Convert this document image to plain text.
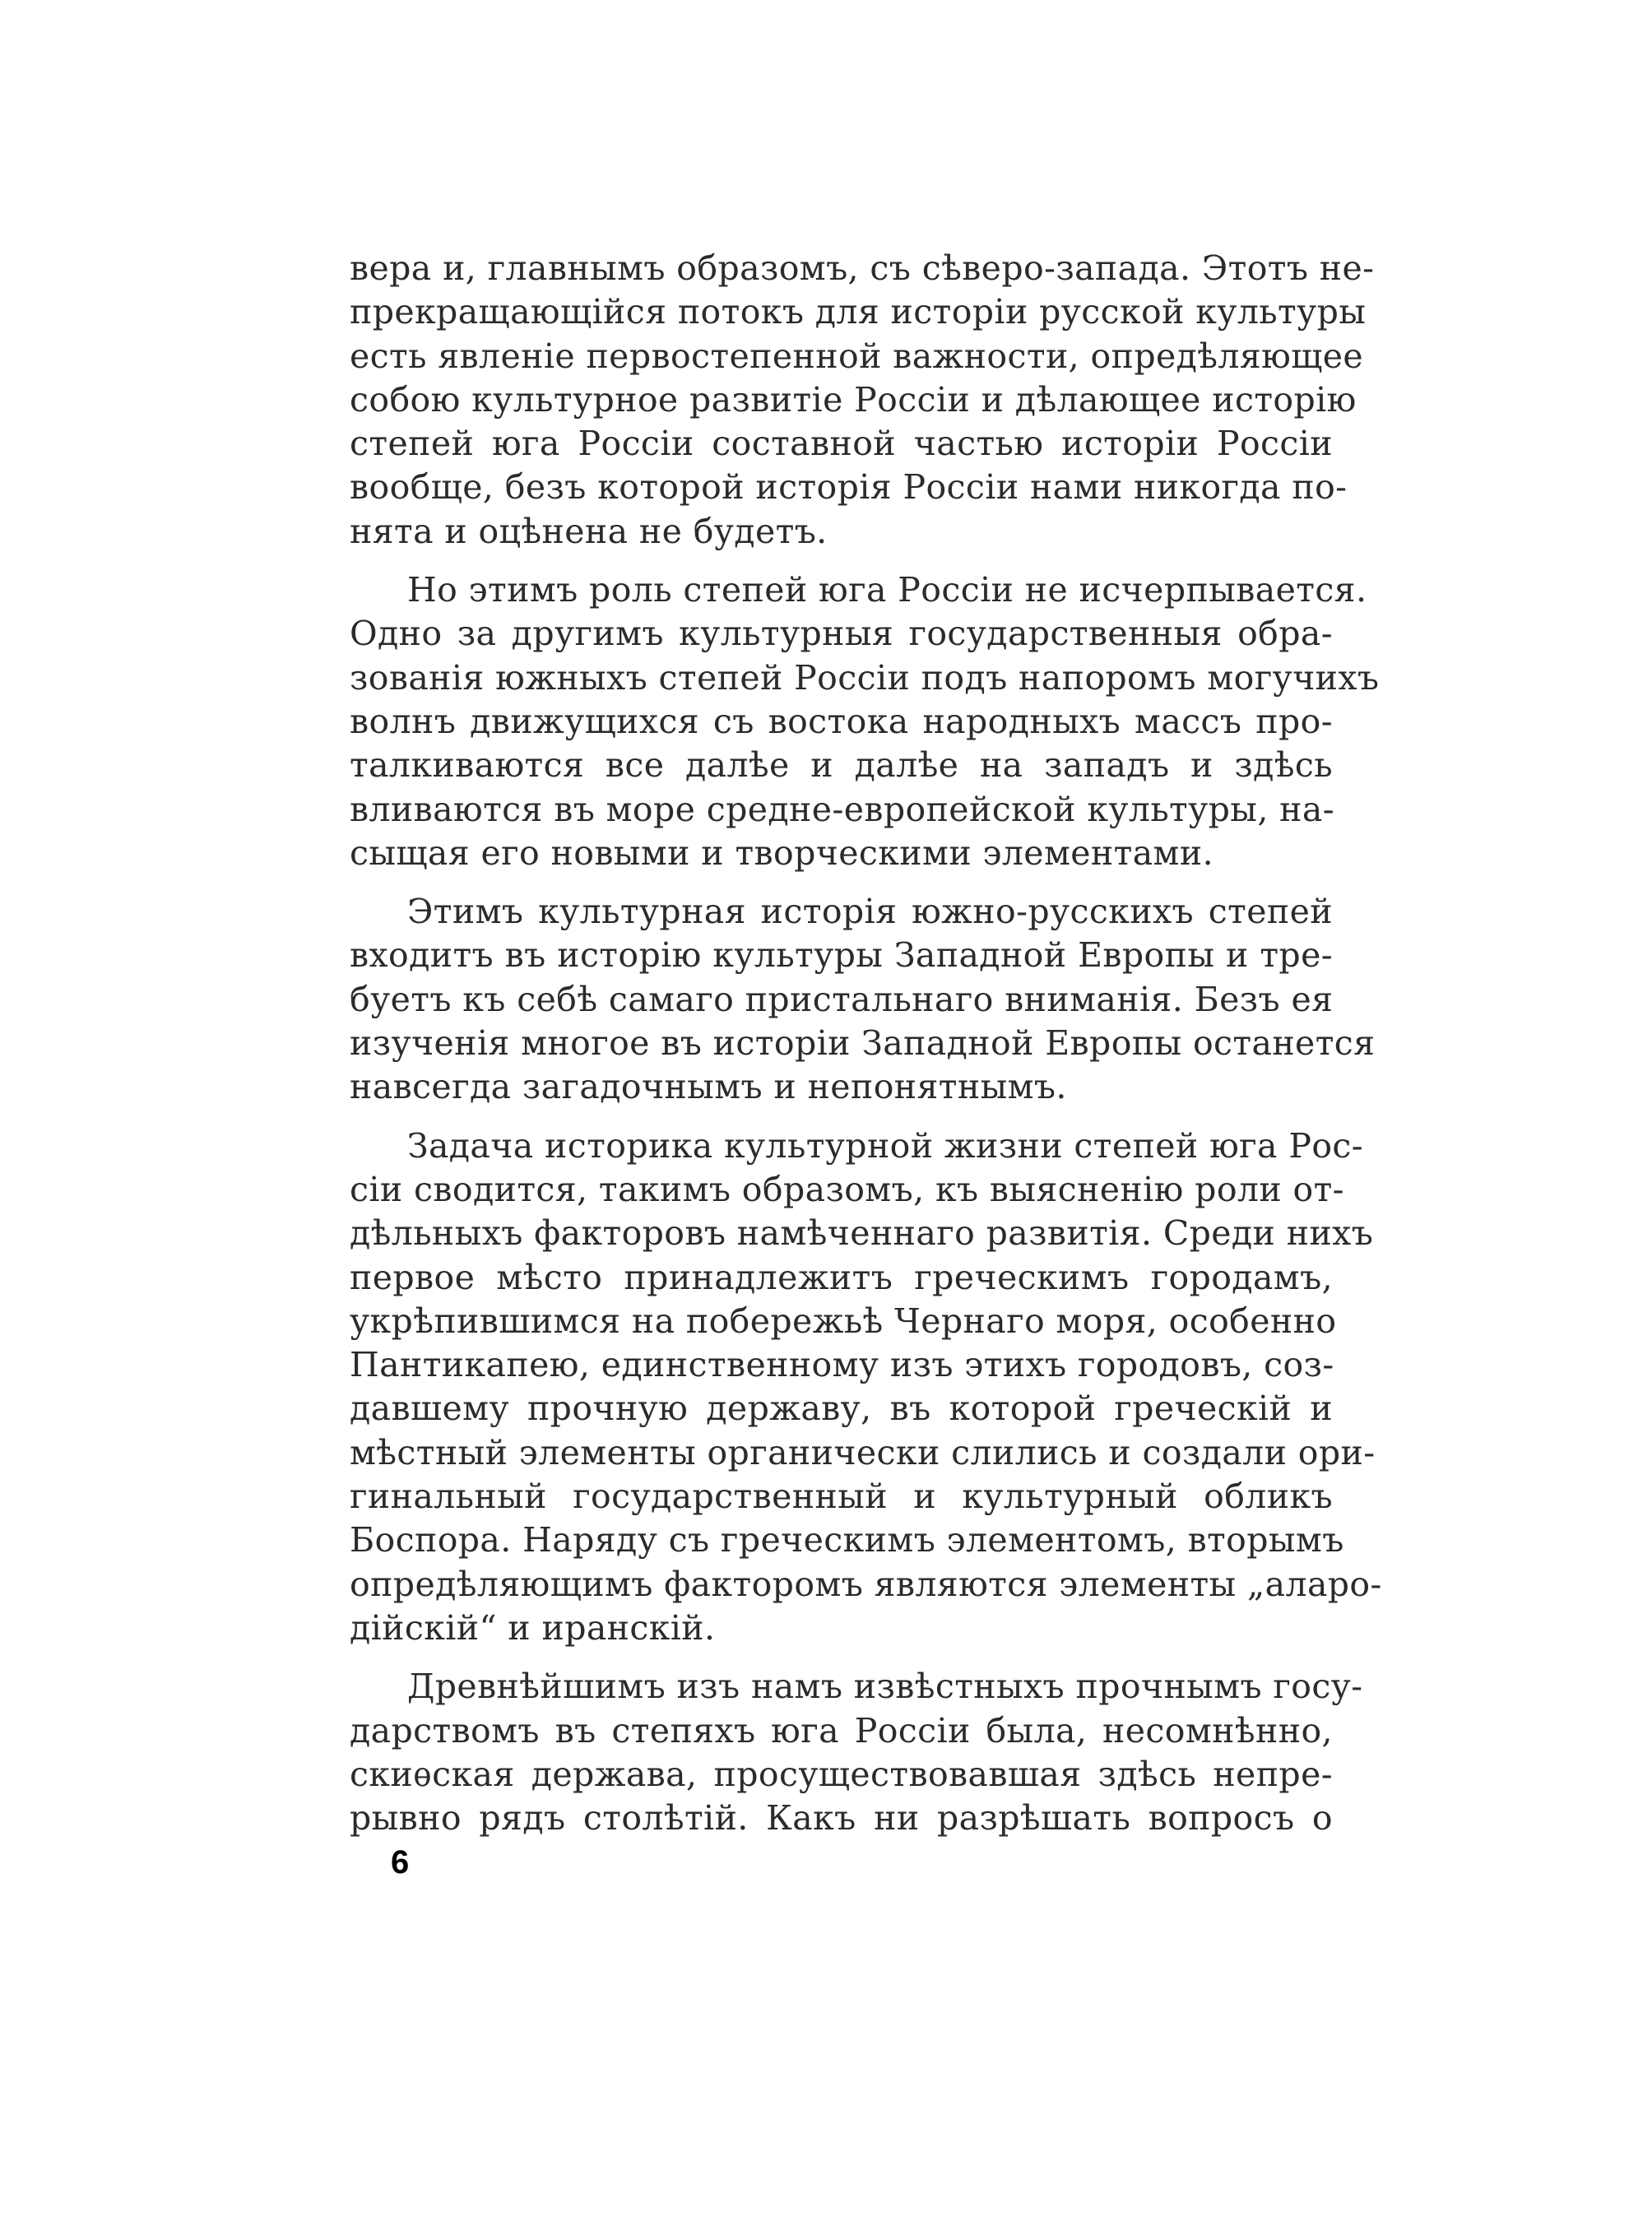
вера и, главнымъ образомъ, съ сѣверо-запада. Этотъ не-
прекращающійся потокъ для исторіи русской культуры
есть явленіе первостепенной важности, опредѣляющее
собою культурное развитіе Россіи и дѣлающее исторію
степей юга Россіи составной частью исторіи Россіи
вообще, безъ которой исторія Россіи нами никогда по-
нята и оцѣнена не будетъ.

Но этимъ роль степей юга Россіи не исчерпывается.
Одно за другимъ культурныя государственныя обра-
зованія южныхъ степей Россіи подъ напоромъ могучихъ
волнъ движущихся съ востока народныхъ массъ про-
талкиваются все далѣе и далѣе на западъ и здѣсь
вливаются въ море средне-европейской культуры, на-
сыщая его новыми и творческими элементами.

Этимъ культурная исторія южно-русскихъ степей
входитъ въ исторію культуры Западной Европы и тре-
буетъ къ себѣ самаго пристальнаго вниманія. Безъ ея
изученія многое въ исторіи Западной Европы останется
навсегда загадочнымъ и непонятнымъ.

Задача историка культурной жизни степей юга Рос-
сіи сводится, такимъ образомъ, къ выясненію роли от-
дѣльныхъ факторовъ намѣченнаго развитія. Среди нихъ
первое мѣсто принадлежитъ греческимъ городамъ,
укрѣпившимся на побережьѣ Чернаго моря, особенно
Пантикапею, единственному изъ этихъ городовъ, соз-
давшему прочную державу, въ которой греческій и
мѣстный элементы органически слились и создали ори-
гинальный государственный и культурный обликъ
Боспора. Наряду съ греческимъ элементомъ, вторымъ
опредѣляющимъ факторомъ являются элементы „аларо-
дійскій“ и иранскій.

Древнѣйшимъ изъ намъ извѣстныхъ прочнымъ госу-
дарствомъ въ степяхъ юга Россіи была, несомнѣнно,
скиѳская держава, просуществовавшая здѣсь непре-
рывно рядъ столѣтій. Какъ ни разрѣшать вопросъ о

6
